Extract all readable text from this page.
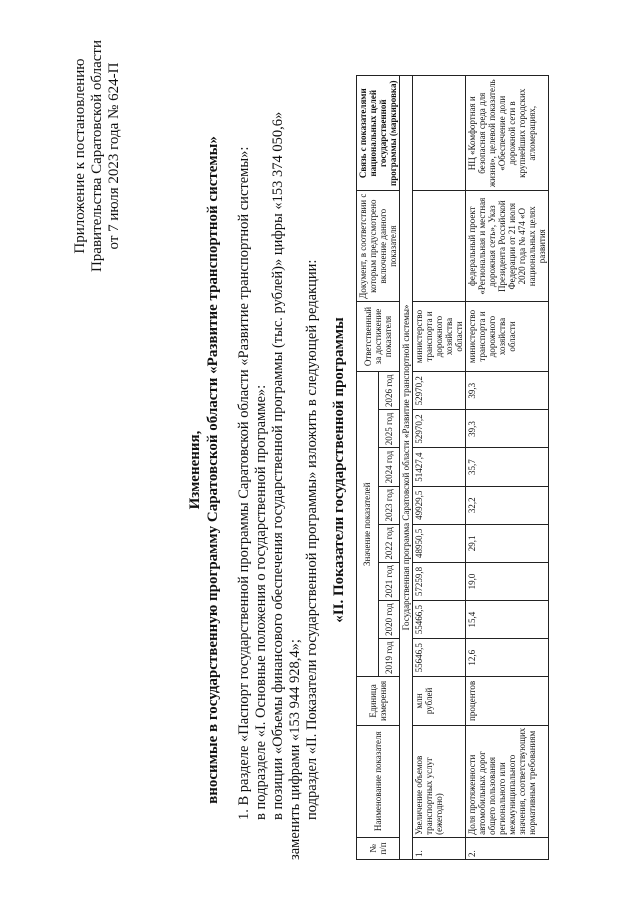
Приложение к постановлению Правительства Саратовской области от 7 июля 2023 года № 624-П
Изменения, вносимые в государственную программу Саратовской области «Развитие транспортной системы» 1. В разделе «Паспорт государственной программы Саратовской области «Развитие транспортной системы»: в подразделе «I. Основные положения о государственной программе»: в позиции «Объемы финансового обеспечения государственной программы (тыс. рублей)» цифры «153 374 050,6» заменить цифрами «153 944 928,4»; подраздел «II. Показатели государственной программы» изложить в следующей редакции: «II. Показатели государственной программы
№ п/п	Наименование показателя	Единица измерения	Значение показателей								Ответственный за достижение показателя	Документ, в соответствии с которым предусмотрено включение данного показателя	Связь с показателями национальных целей государственной программы (маркировка)
			2019 год	2020 год	2021 год	2022 год	2023 год	2024 год	2025 год	2026 год			
Государственная программа Саратовской области «Развитие транспортной системы»													
1.	Увеличение объемов транспортных услуг (ежегодно)	млн рублей	55646,5	55466,5	57259,8	48950,5	49929,5	51427,4	52970,2	52970,2	министерство транспорта и дорожного хозяйства области		
2.	Доля протяженности автомобильных дорог общего пользования регионального или межмуниципального значения, соответствующих нормативным требованиям	процентов	12,6	15,4	19,0	29,1	32,2	35,7	39,3	39,3	министерство транспорта и дорожного хозяйства области	федеральный проект «Региональная и местная дорожная сеть», Указ Президента Российской Федерации от 21 июля 2020 года № 474 «О национальных целях развития	НЦ «Комфортная и безопасная среда для жизни», целевой показатель «Обеспечение доли дорожной сети в крупнейших городских агломерациях,
